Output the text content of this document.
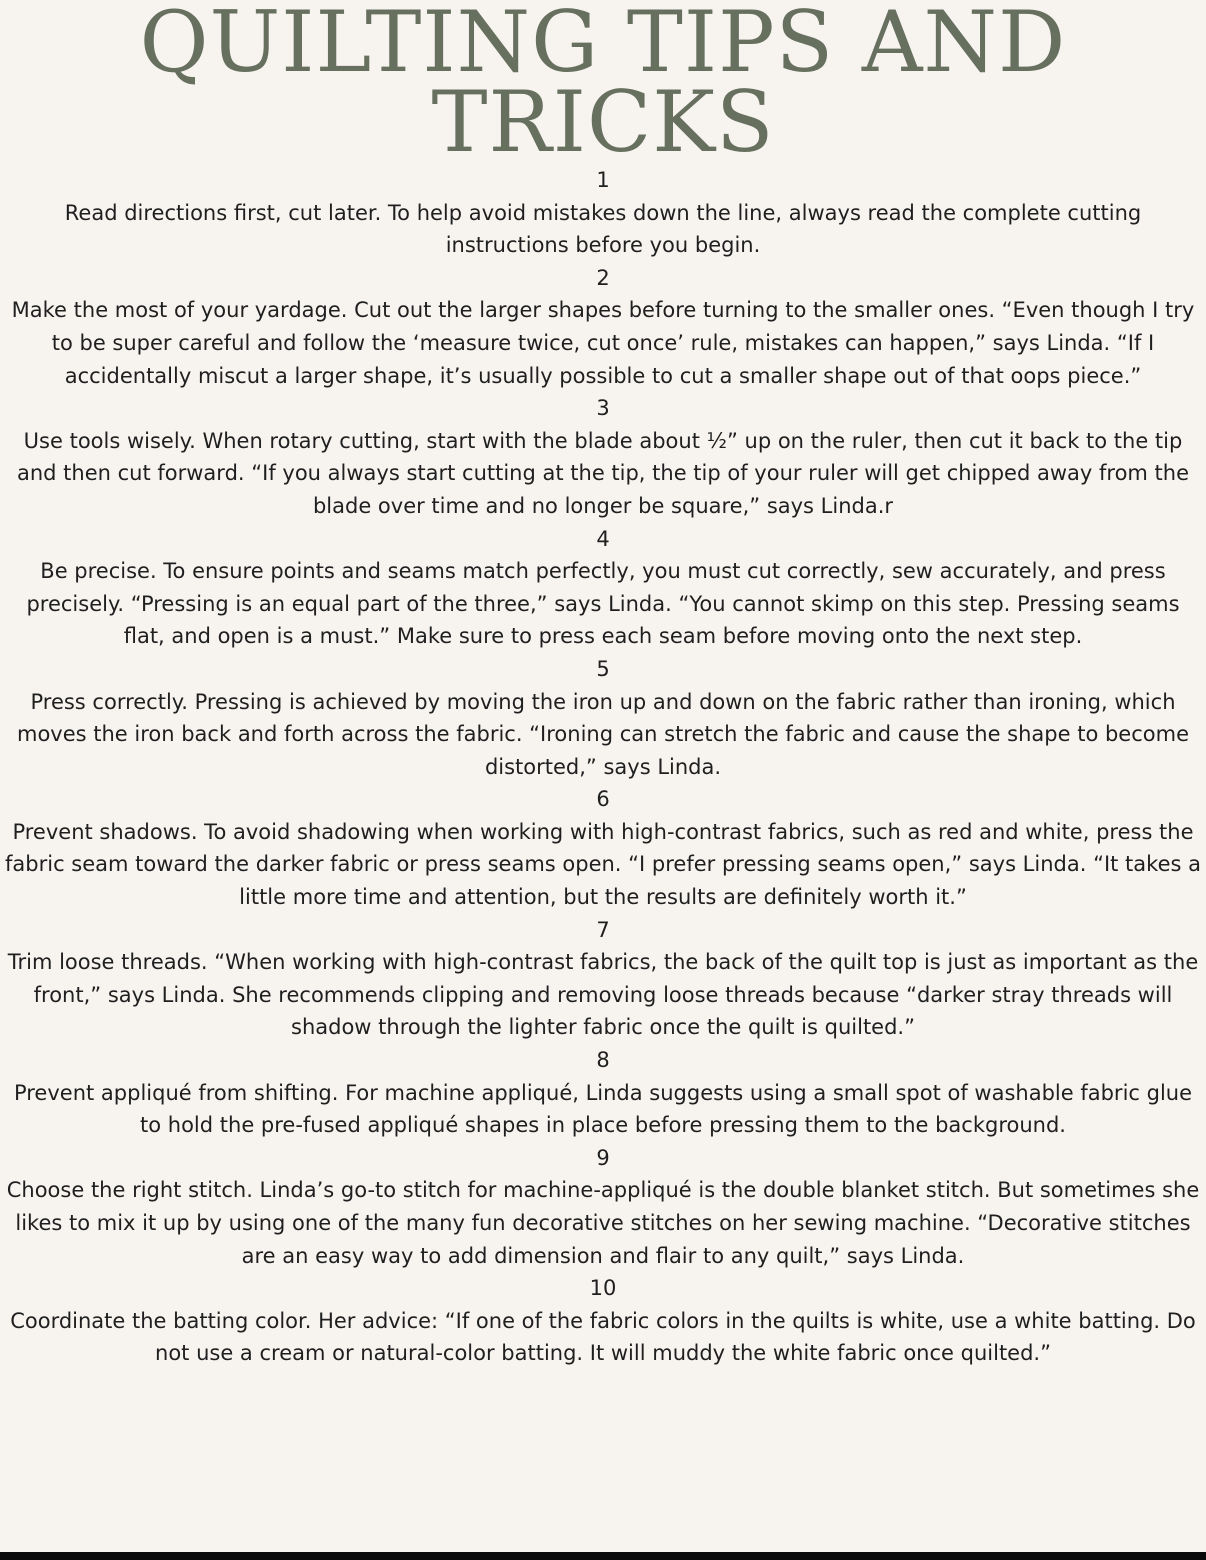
QUILTING TIPS AND
TRICKS
1
Read directions first, cut later. To help avoid mistakes down the line, always read the complete cutting instructions before you begin.
2
Make the most of your yardage. Cut out the larger shapes before turning to the smaller ones. “Even though I try to be super careful and follow the ‘measure twice, cut once’ rule, mistakes can happen,” says Linda. “If I accidentally miscut a larger shape, it’s usually possible to cut a smaller shape out of that oops piece.”
3
Use tools wisely. When rotary cutting, start with the blade about ½” up on the ruler, then cut it back to the tip and then cut forward. “If you always start cutting at the tip, the tip of your ruler will get chipped away from the blade over time and no longer be square,” says Linda.r
4
Be precise. To ensure points and seams match perfectly, you must cut correctly, sew accurately, and press precisely. “Pressing is an equal part of the three,” says Linda. “You cannot skimp on this step. Pressing seams flat, and open is a must.” Make sure to press each seam before moving onto the next step.
5
Press correctly. Pressing is achieved by moving the iron up and down on the fabric rather than ironing, which moves the iron back and forth across the fabric. “Ironing can stretch the fabric and cause the shape to become distorted,” says Linda.
6
Prevent shadows. To avoid shadowing when working with high-contrast fabrics, such as red and white, press the fabric seam toward the darker fabric or press seams open. “I prefer pressing seams open,” says Linda. “It takes a little more time and attention, but the results are definitely worth it.”
7
Trim loose threads. “When working with high-contrast fabrics, the back of the quilt top is just as important as the front,” says Linda. She recommends clipping and removing loose threads because “darker stray threads will shadow through the lighter fabric once the quilt is quilted.”
8
Prevent appliqué from shifting. For machine appliqué, Linda suggests using a small spot of washable fabric glue to hold the pre-fused appliqué shapes in place before pressing them to the background.
9
Choose the right stitch. Linda’s go-to stitch for machine-appliqué is the double blanket stitch. But sometimes she likes to mix it up by using one of the many fun decorative stitches on her sewing machine. “Decorative stitches are an easy way to add dimension and flair to any quilt,” says Linda.
10
Coordinate the batting color. Her advice: “If one of the fabric colors in the quilts is white, use a white batting. Do not use a cream or natural-color batting. It will muddy the white fabric once quilted.”
